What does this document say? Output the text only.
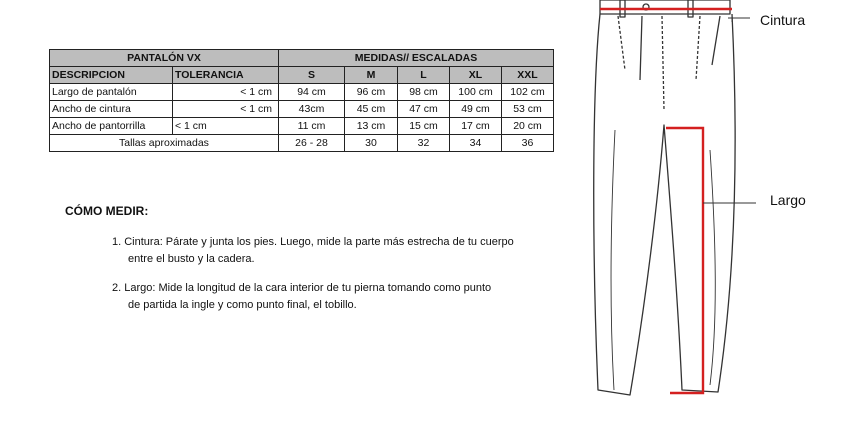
PANTALÓN VX		MEDIDAS// ESCALADAS				
DESCRIPCION	TOLERANCIA	S	M	L	XL	XXL
Largo de pantalón	< 1 cm	94 cm	96 cm	98 cm	100 cm	102 cm
Ancho de cintura	< 1 cm	43cm	45 cm	47 cm	49 cm	53 cm
Ancho de pantorrilla	< 1 cm	11 cm	13 cm	15 cm	17 cm	20 cm
Tallas aproximadas		26 - 28	30	32	34	36
CÓMO MEDIR:
1. Cintura: Párate y junta los pies. Luego, mide la parte más estrecha de tu cuerpo
entre el busto y la cadera.
2. Largo: Mide la longitud de la cara interior de tu pierna tomando como punto
de partida la ingle y como punto final, el tobillo.
Cintura
Largo
